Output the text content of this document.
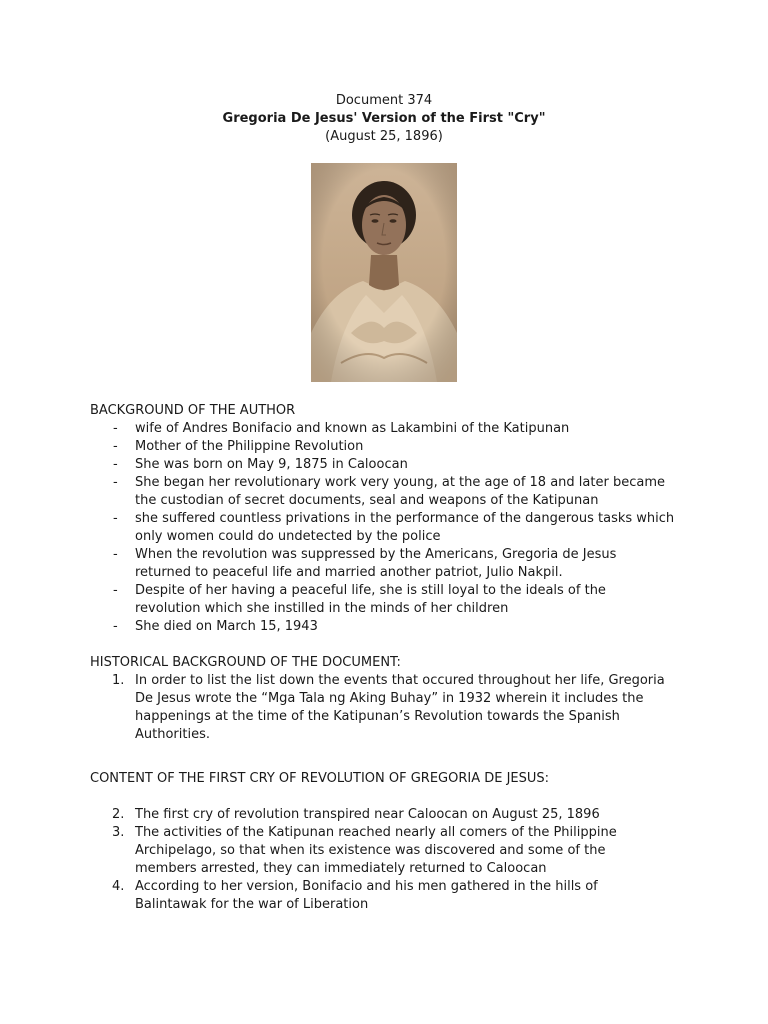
Document 374
Gregoria De Jesus' Version of the First "Cry"
(August 25, 1896)
BACKGROUND OF THE AUTHOR
- wife of Andres Bonifacio and known as Lakambini of the Katipunan
- Mother of the Philippine Revolution
- She was born on May 9, 1875 in Caloocan
- She began her revolutionary work very young, at the age of 18 and later became the custodian of secret documents, seal and weapons of the Katipunan
- she suffered countless privations in the performance of the dangerous tasks which only women could do undetected by the police
- When the revolution was suppressed by the Americans, Gregoria de Jesus returned to peaceful life and married another patriot, Julio Nakpil.
- Despite of her having a peaceful life, she is still loyal to the ideals of the revolution which she instilled in the minds of her children
- She died on March 15, 1943
HISTORICAL BACKGROUND OF THE DOCUMENT:
1. In order to list the list down the events that occured throughout her life, Gregoria De Jesus wrote the “Mga Tala ng Aking Buhay” in 1932 wherein it includes the happenings at the time of the Katipunan’s Revolution towards the Spanish Authorities.
CONTENT OF THE FIRST CRY OF REVOLUTION OF GREGORIA DE JESUS:
2. The first cry of revolution transpired near Caloocan on August 25, 1896
3. The activities of the Katipunan reached nearly all comers of the Philippine Archipelago, so that when its existence was discovered and some of the members arrested, they can immediately returned to Caloocan
4. According to her version, Bonifacio and his men gathered in the hills of Balintawak for the war of Liberation
